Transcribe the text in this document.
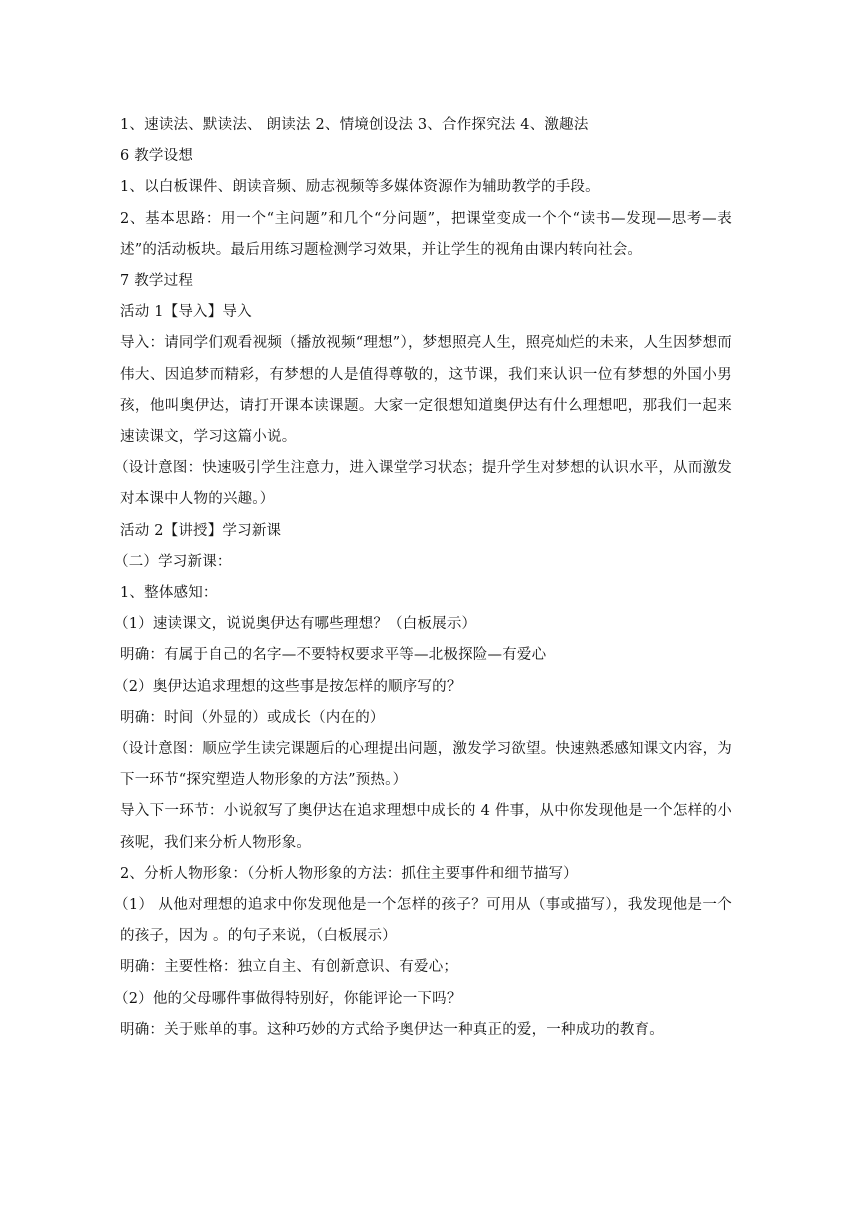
1、速读法、默读法、 朗读法 2、情境创设法 3、合作探究法 4、激趣法

6 教学设想

1、以白板课件、朗读音频、励志视频等多媒体资源作为辅助教学的手段。

2、基本思路：用一个“主问题”和几个“分问题”，把课堂变成一个个“读书—发现—思考—表述”的活动板块。最后用练习题检测学习效果，并让学生的视角由课内转向社会。

7 教学过程

活动 1【导入】导入

导入：请同学们观看视频（播放视频“理想”），梦想照亮人生，照亮灿烂的未来，人生因梦想而伟大、因追梦而精彩，有梦想的人是值得尊敬的，这节课，我们来认识一位有梦想的外国小男孩，他叫奥伊达，请打开课本读课题。大家一定很想知道奥伊达有什么理想吧，那我们一起来速读课文，学习这篇小说。

（设计意图：快速吸引学生注意力，进入课堂学习状态；提升学生对梦想的认识水平，从而激发对本课中人物的兴趣。）

活动 2【讲授】学习新课

（二）学习新课：

1、整体感知：

（1）速读课文，说说奥伊达有哪些理想？（白板展示）

明确：有属于自己的名字—不要特权要求平等—北极探险—有爱心

（2）奥伊达追求理想的这些事是按怎样的顺序写的？

明确：时间（外显的）或成长（内在的）

（设计意图：顺应学生读完课题后的心理提出问题，激发学习欲望。快速熟悉感知课文内容，为下一环节“探究塑造人物形象的方法”预热。）

导入下一环节：小说叙写了奥伊达在追求理想中成长的 4 件事，从中你发现他是一个怎样的小孩呢，我们来分析人物形象。

2、分析人物形象：（分析人物形象的方法：抓住主要事件和细节描写）

（1） 从他对理想的追求中你发现他是一个怎样的孩子？可用从（事或描写），我发现他是一个 的孩子，因为 。的句子来说，（白板展示）

明确：主要性格：独立自主、有创新意识、有爱心；

（2）他的父母哪件事做得特别好，你能评论一下吗？

明确：关于账单的事。这种巧妙的方式给予奥伊达一种真正的爱，一种成功的教育。
